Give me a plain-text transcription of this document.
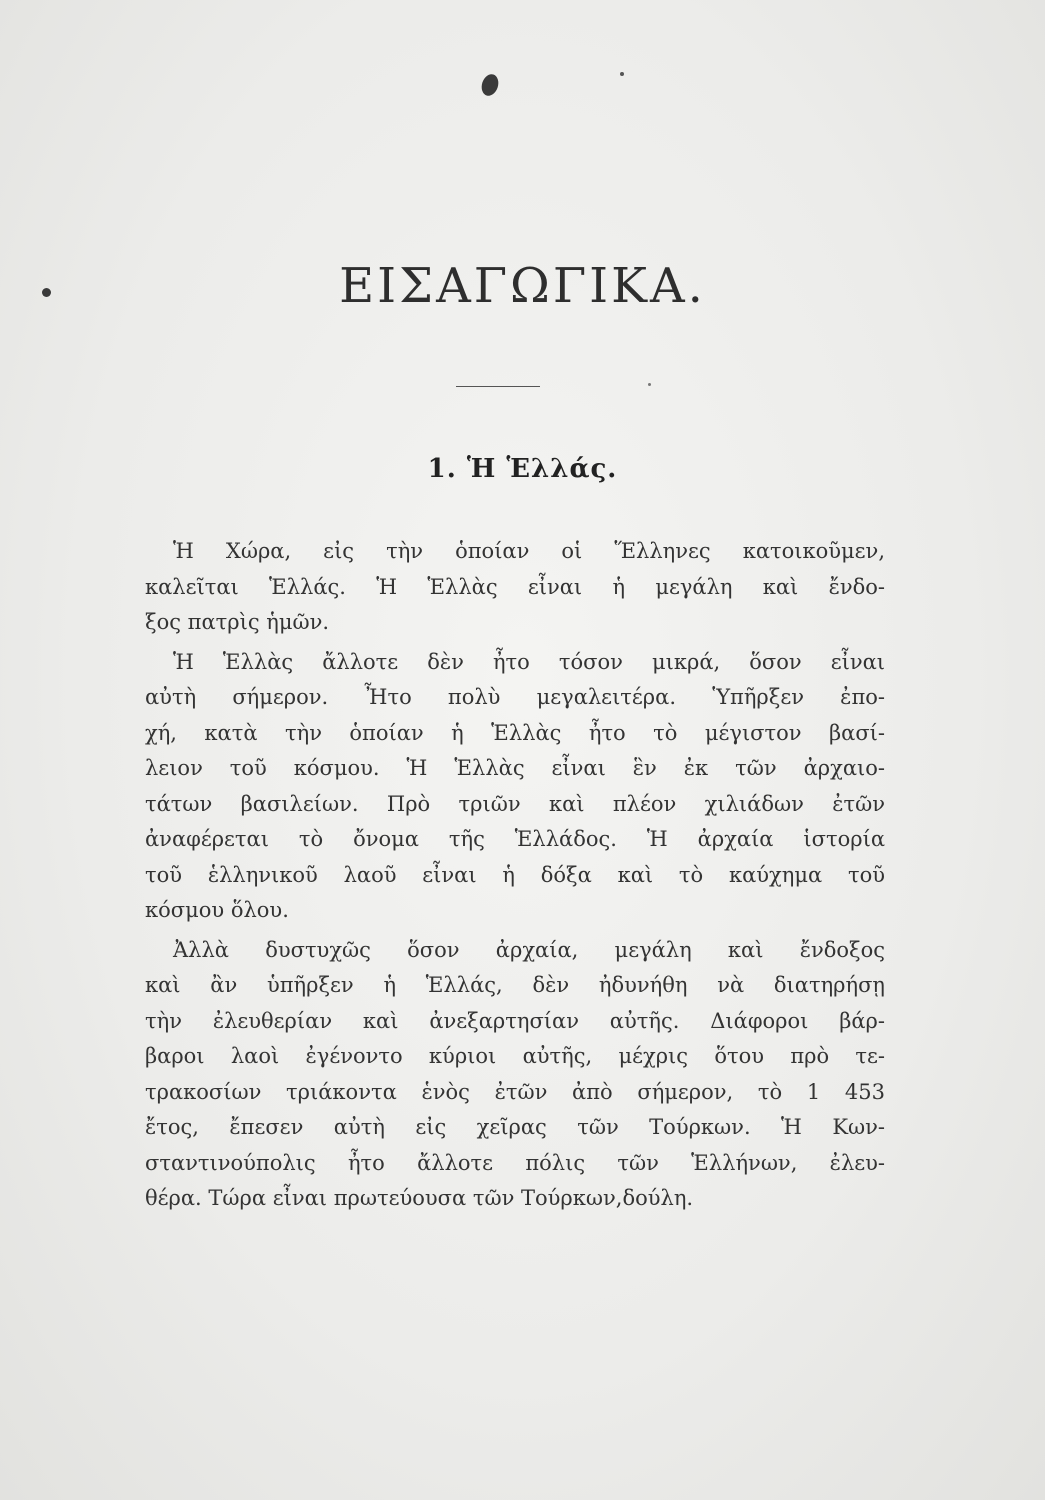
ΕΙΣΑΓΩΓΙΚΑ.
1. Ἡ Ἑλλάς.
Ἡ Χώρα, εἰς τὴν ὁποίαν οἱ Ἕλληνες κατοικοῦμεν,
καλεῖται Ἑλλάς. Ἡ Ἑλλὰς εἶναι ἡ μεγάλη καὶ ἔνδο-
ξος πατρὶς ἡμῶν.
Ἡ Ἑλλὰς ἄλλοτε δὲν ἦτο τόσον μικρά, ὅσον εἶναι
αὐτὴ σήμερον. Ἦτο πολὺ μεγαλειτέρα. Ὑπῆρξεν ἐπο-
χή, κατὰ τὴν ὁποίαν ἡ Ἑλλὰς ἦτο τὸ μέγιστον βασί-
λειον τοῦ κόσμου. Ἡ Ἑλλὰς εἶναι ἓν ἐκ τῶν ἀρχαιο-
τάτων βασιλείων. Πρὸ τριῶν καὶ πλέον χιλιάδων ἐτῶν
ἀναφέρεται τὸ ὄνομα τῆς Ἑλλάδος. Ἡ ἀρχαία ἱστορία
τοῦ ἑλληνικοῦ λαοῦ εἶναι ἡ δόξα καὶ τὸ καύχημα τοῦ
κόσμου ὅλου.
Ἀλλὰ δυστυχῶς ὅσον ἀρχαία, μεγάλη καὶ ἔνδοξος
καὶ ἂν ὑπῆρξεν ἡ Ἑλλάς, δὲν ἠδυνήθη νὰ διατηρήσῃ
τὴν ἐλευθερίαν καὶ ἀνεξαρτησίαν αὐτῆς. Διάφοροι βάρ-
βαροι λαοὶ ἐγένοντο κύριοι αὐτῆς, μέχρις ὅτου πρὸ τε-
τρακοσίων τριάκοντα ἑνὸς ἐτῶν ἀπὸ σήμερον, τὸ 1 453
ἔτος, ἔπεσεν αὐτὴ εἰς χεῖρας τῶν Τούρκων. Ἡ Κων-
σταντινούπολις ἦτο ἄλλοτε πόλις τῶν Ἑλλήνων, ἐλευ-
θέρα. Τώρα εἶναι πρωτεύουσα τῶν Τούρκων,δούλη.
